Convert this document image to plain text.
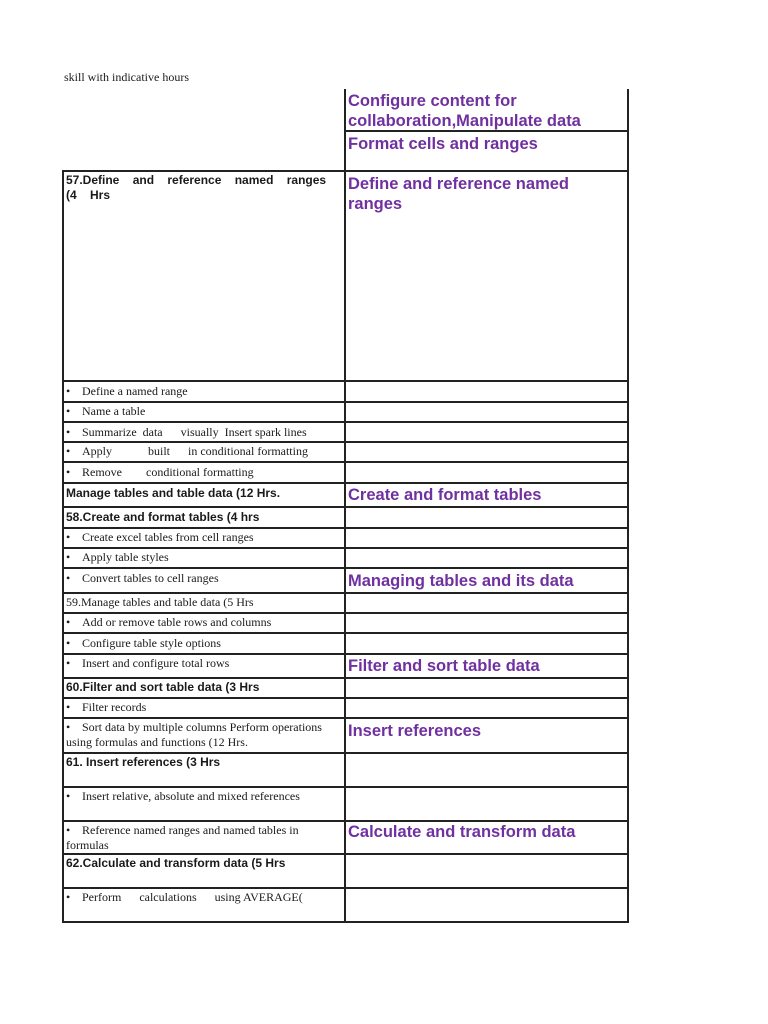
skill with indicative hours
Configure content for collaboration,Manipulate data
Format cells and ranges
Define and reference named ranges
Create and format tables
Managing tables and its data
Filter and sort table data
Insert references
Calculate and transform data
57.Define and reference named ranges (4 Hrs
• Define a named range
• Name a table
• Summarize  data      visually  Insert spark lines
• Apply            built      in conditional formatting
• Remove        conditional formatting
Manage tables and table data (12 Hrs.
58.Create and format tables (4 hrs
• Create excel tables from cell ranges
• Apply table styles
• Convert tables to cell ranges
59.Manage tables and table data (5 Hrs
• Add or remove table rows and columns
• Configure table style options
• Insert and configure total rows
60.Filter and sort table data (3 Hrs
• Filter records
• Sort data by multiple columns Perform operations using formulas and functions (12 Hrs.
61. Insert references (3 Hrs
• Insert relative, absolute and mixed references
• Reference named ranges and named tables in formulas
62.Calculate and transform data (5 Hrs
• Perform      calculations      using AVERAGE(
